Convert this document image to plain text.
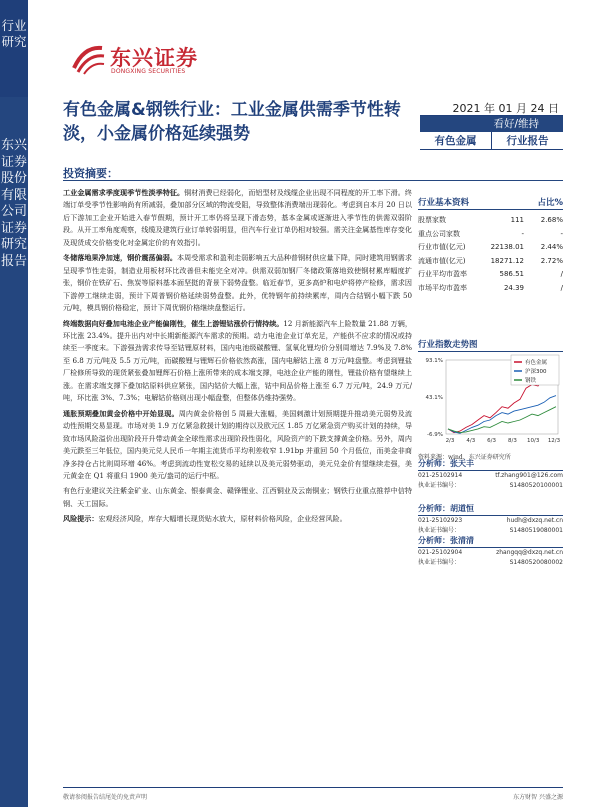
行业研究
东兴证券股份有限公司证券研究报告
东兴证券
DONGXING SECURITIES
有色金属&钢铁行业：工业金属供需季节性转淡，小金属价格延续强势
2021 年 01 月 24 日
看好/维持
有色金属	行业报告
投资摘要：

工业金属需求季度现季节性淡季特征。铜材消费已经弱化，而铝型材及线缆企业出现不同程度的开工率下滑。终端订单受季节性影响尚有所减弱，叠加部分区域的物流受阻，导致整体消费端出现弱化。考虑到自本月 20 日以后下游加工企业开始进入春节假期，预计开工率仍将呈现下滑态势，基本金属或逐渐进入季节性的供需双弱阶段。从开工率角度观察，线缆及建筑行业订单转弱明显，但汽车行业订单仍相对较强。需关注金属基性库存变化及现货成交价格变化对金属定价的有效指引。

冬储落地果净加速，钢价震荡偏弱。本周受需求和盈利走弱影响五大品种普钢材供应量下降，同时建筑用钢需求呈现季节性走弱，制造业用板材环比改善但未能完全对冲。供需双弱加钢厂冬储政策落地致使钢材累库幅度扩张，钢价在铁矿石、焦炭等原料基本面坚挺的背景下弱势盘整。临近春节，更多高炉和电炉将停产检修，需求因下游停工继续走弱，预计下周普钢价格延续弱势盘整。此外，优特钢年前持续累库，周内合结钢小幅下跌 50 元/吨，模具钢价格稳定，预计下周优钢价格继续盘整运行。

终端数据向好叠加电池企业产能偏刚性，催生上游锂钴涨价行情持续。12 月新能源汽车上险数量 21.88 万辆，环比涨 23.4%。提升出内对中长期新能源汽车需求的预期。动力电池企业订单充足，产能供不应求的情况或持续至一季度末。下游强劲需求传导至钴锂原材料，国内电池级碳酸锂、氢氧化锂均价分别周增达 7.9%及 7.8%至 6.8 万元/吨及 5.5 万元/吨，而碳酸锂与锂辉石价格依然高涨，国内电解钴上涨 8 万元/吨盘整。考虑到锂盐厂检修所导致的现货紧张叠加锂辉石价格上涨所带来的成本端支撑，电池企业产能的刚性，锂盐价格有望继续上涨。在需求端支撑下叠加钴原料供应紧张，国内钴价大幅上涨，钴中间品价格上涨至 6.7 万元/吨，24.9 万元/吨，环比涨 3%、7.3%；电解钴价格则出现小幅盘整，但整体仍维持强势。

通胀预期叠加黄金价格中开始显现。周内黄金价格创 5 周最大涨幅，美国刺激计划预期提升推动美元弱势及流动性预期交易显现。市场对美 1.9 万亿紧急救援计划的期待以及欧元区 1.85 万亿紧急资产购买计划的持续，导致市场风险溢价出现阶段开升带动黄金全球性需求出现阶段性弱化，风险资产的下跌支撑黄金价格。另外，周内美元跌至三年低位，国内美元兑人民币一年期主流货币平均利差收窄 1.91bp 并重回 50 个月低位，而美金非商净多持仓占比则周环增 46%。考虑到流动性宽松交易的延续以及美元弱势驱动，美元兑金价有望继续走强，美元黄金在 Q1 将重归 1900 美元/盎司的运行中枢。

有色行业建议关注紫金矿业、山东黄金、银泰黄金、赣锋锂业、江西铜业及云南铜业；钢铁行业重点推荐中信特钢、天工国际。

风险提示：宏观经济风险，库存大幅增长现货贴水放大，原材料价格风险，企业经营风险。

行业基本资料	占比%
股票家数	111	2.68%
重点公司家数	-	-
行业市值(亿元)	22138.01	2.44%
流通市值(亿元)	18271.12	2.72%
行业平均市盈率	586.51	/
市场平均市盈率	24.39	/
行业指数走势图
93.1%
43.1%
-6.9%
2/3 4/3 6/3 8/3 10/3 12/3
有色金属
沪深300
钢铁
资料来源：wind、东兴证券研究所
分析师：张天丰
021-25102914	tf.zhang901@126.com
执业证书编号：	S1480520100001
分析师：胡道恒
021-25102923	hudh@dxzq.net.cn
执业证书编号：	S1480519080001
分析师：张清清
021-25102904	zhangqq@dxzq.net.cn
执业证书编号：	S1480520080002
敬请参阅报告结尾处的免责声明	东方财智 兴盛之源
